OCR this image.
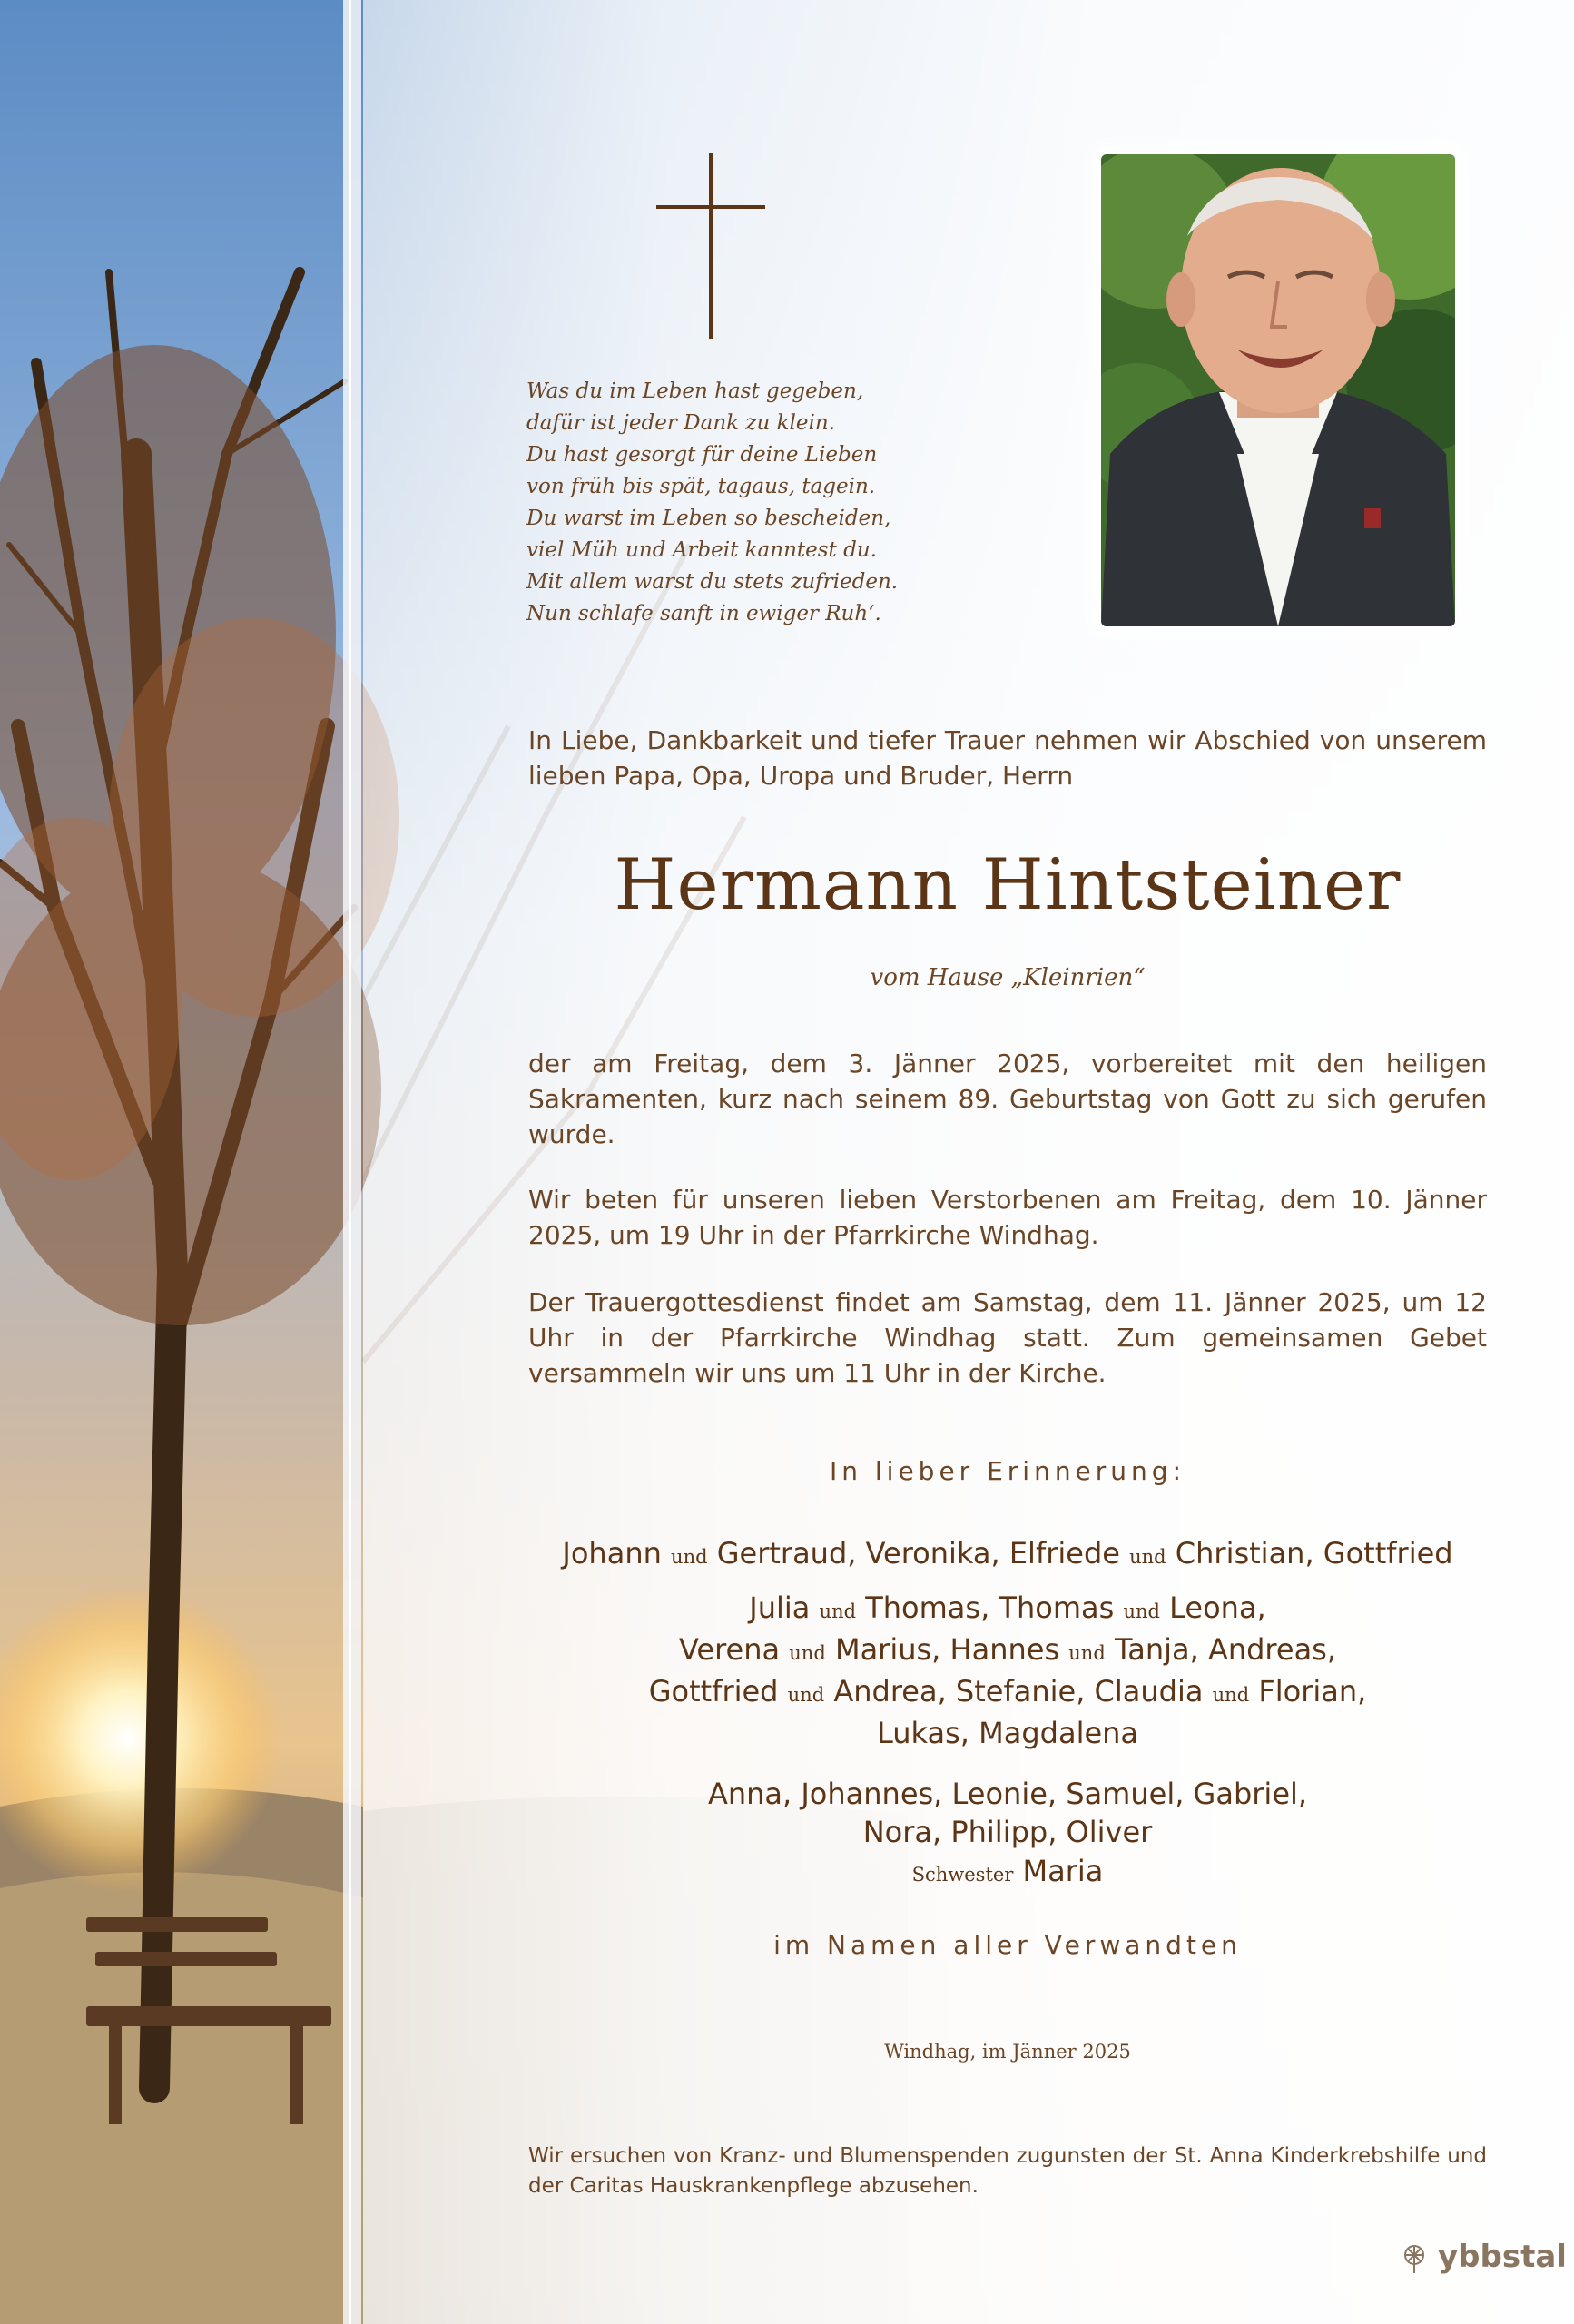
Was du im Leben hast gegeben,
dafür ist jeder Dank zu klein.
Du hast gesorgt für deine Lieben
von früh bis spät, tagaus, tagein.
Du warst im Leben so bescheiden,
viel Müh und Arbeit kanntest du.
Mit allem warst du stets zufrieden.
Nun schlafe sanft in ewiger Ruh‘.
In Liebe, Dankbarkeit und tiefer Trauer nehmen wir Abschied von unserem lieben Papa, Opa, Uropa und Bruder, Herrn
Hermann Hintsteiner
vom Hause „Kleinrien“
der am Freitag, dem 3. Jänner 2025, vorbereitet mit den heiligen Sakramenten, kurz nach seinem 89. Geburtstag von Gott zu sich gerufen wurde.
Wir beten für unseren lieben Verstorbenen am Freitag, dem 10. Jänner 2025, um 19 Uhr in der Pfarrkirche Windhag.
Der Trauergottesdienst findet am Samstag, dem 11. Jänner 2025, um 12 Uhr in der Pfarrkirche Windhag statt. Zum gemeinsamen Gebet versammeln wir uns um 11 Uhr in der Kirche.
In lieber Erinnerung:
Johann und Gertraud, Veronika, Elfriede und Christian, Gottfried
Julia und Thomas, Thomas und Leona,
Verena und Marius, Hannes und Tanja, Andreas,
Gottfried und Andrea, Stefanie, Claudia und Florian,
Lukas, Magdalena
Anna, Johannes, Leonie, Samuel, Gabriel,
Nora, Philipp, Oliver
Schwester Maria
im Namen aller Verwandten
Windhag, im Jänner 2025
Wir ersuchen von Kranz- und Blumenspenden zugunsten der St. Anna Kinderkrebshilfe und der Caritas Hauskrankenpflege abzusehen.
ybbstal
